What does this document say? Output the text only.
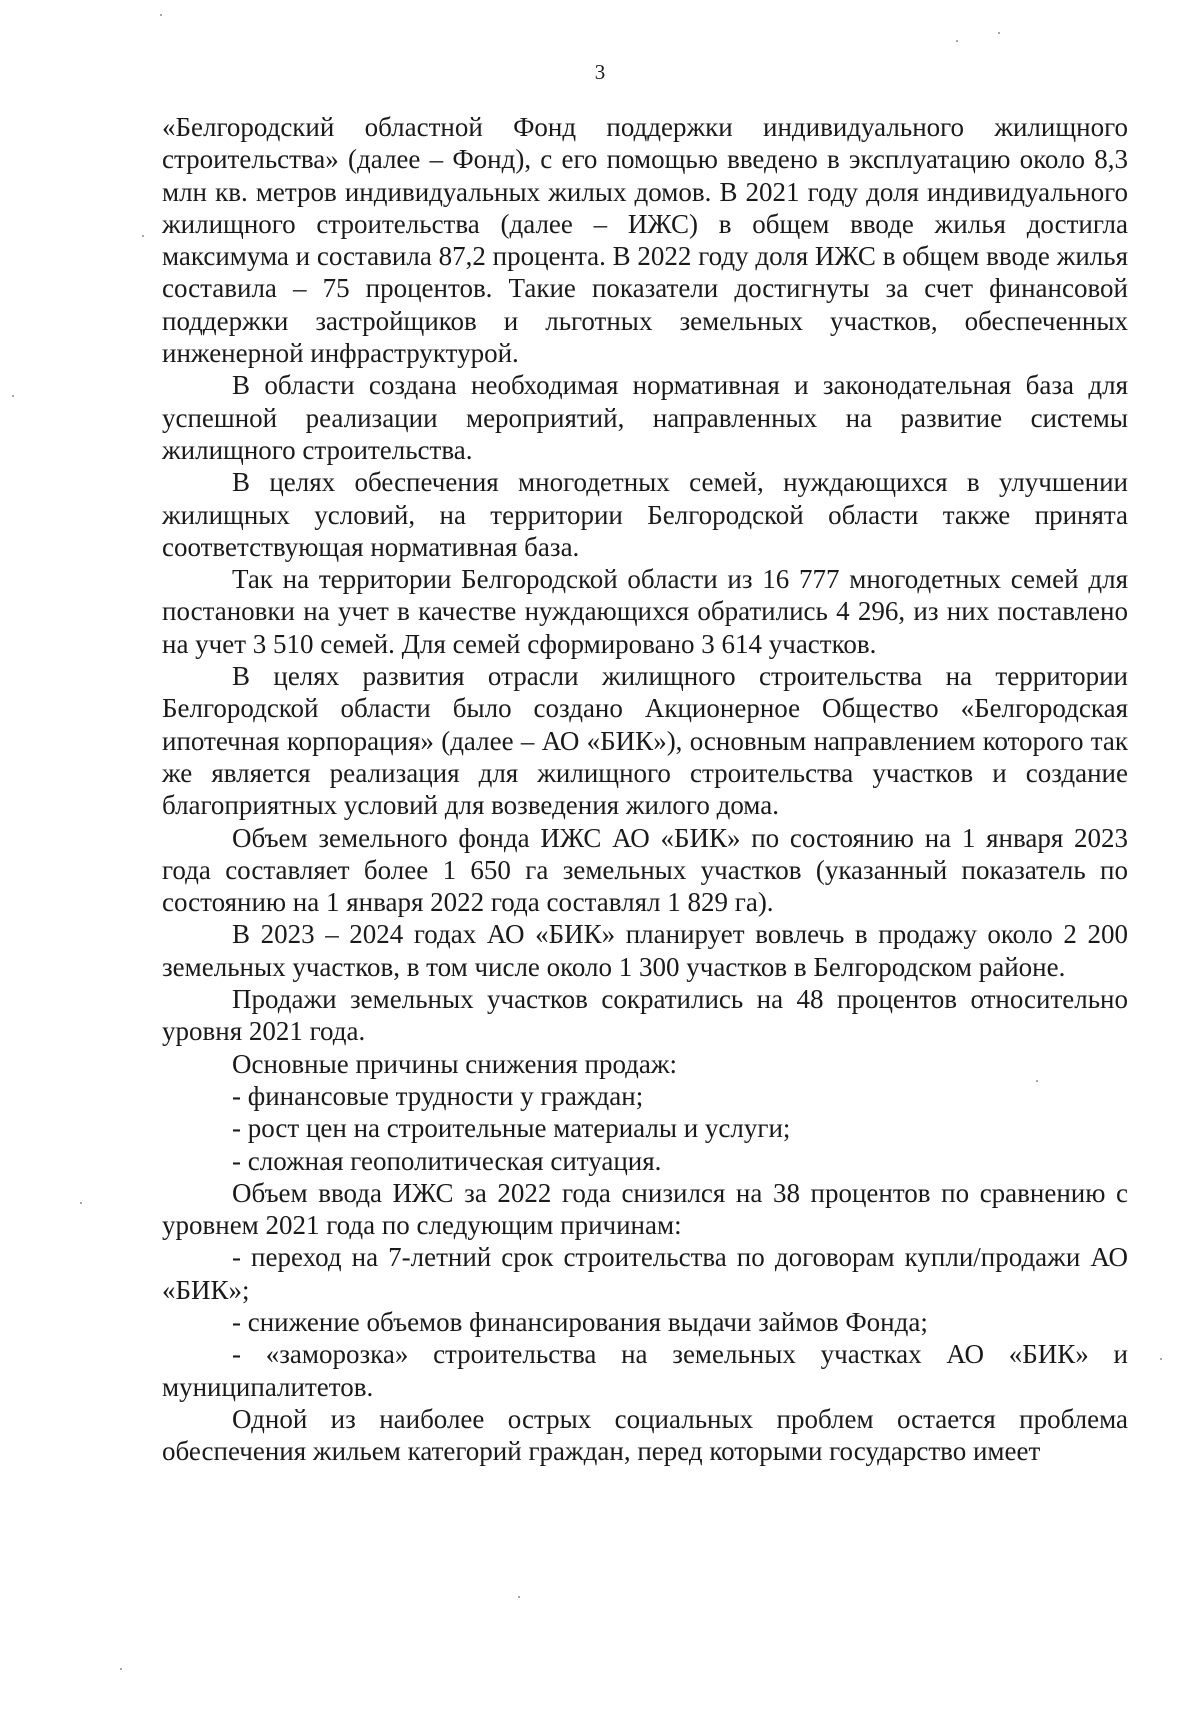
3

«Белгородский областной Фонд поддержки индивидуального жилищного строительства» (далее – Фонд), с его помощью введено в эксплуатацию около 8,3 млн кв. метров индивидуальных жилых домов. В 2021 году доля индивидуального жилищного строительства (далее – ИЖС) в общем вводе жилья достигла максимума и составила 87,2 процента. В 2022 году доля ИЖС в общем вводе жилья составила – 75 процентов. Такие показатели достигнуты за счет финансовой поддержки застройщиков и льготных земельных участков, обеспеченных инженерной инфраструктурой.

В области создана необходимая нормативная и законодательная база для успешной реализации мероприятий, направленных на развитие системы жилищного строительства.

В целях обеспечения многодетных семей, нуждающихся в улучшении жилищных условий, на территории Белгородской области также принята соответствующая нормативная база.

Так на территории Белгородской области из 16 777 многодетных семей для постановки на учет в качестве нуждающихся обратились 4 296, из них поставлено на учет 3 510 семей. Для семей сформировано 3 614 участков.

В целях развития отрасли жилищного строительства на территории Белгородской области было создано Акционерное Общество «Белгородская ипотечная корпорация» (далее – АО «БИК»), основным направлением которого так же является реализация для жилищного строительства участков и создание благоприятных условий для возведения жилого дома.

Объем земельного фонда ИЖС АО «БИК» по состоянию на 1 января 2023 года составляет более 1 650 га земельных участков (указанный показатель по состоянию на 1 января 2022 года составлял 1 829 га).

В 2023 – 2024 годах АО «БИК» планирует вовлечь в продажу около 2 200 земельных участков, в том числе около 1 300 участков в Белгородском районе.

Продажи земельных участков сократились на 48 процентов относительно уровня 2021 года.

Основные причины снижения продаж:

- финансовые трудности у граждан;

- рост цен на строительные материалы и услуги;

- сложная геополитическая ситуация.

Объем ввода ИЖС за 2022 года снизился на 38 процентов по сравнению с уровнем 2021 года по следующим причинам:

- переход на 7-летний срок строительства по договорам купли/продажи АО «БИК»;

- снижение объемов финансирования выдачи займов Фонда;

- «заморозка» строительства на земельных участках АО «БИК» и муниципалитетов.

Одной из наиболее острых социальных проблем остается проблема обеспечения жильем категорий граждан, перед которыми государство имеет
